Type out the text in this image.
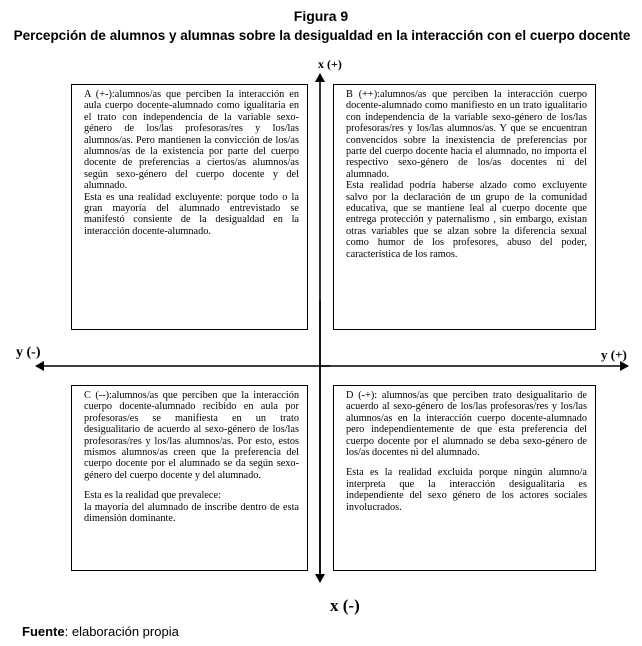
Figura 9
Percepción de alumnos y alumnas sobre la desigualdad en la interacción con el cuerpo docente
x (+)
y (-)	y (+)
x (-)

A (+-):alumnos/as que perciben la interacción en aula cuerpo docente-alumnado como igualitaria en el trato con independencia de la variable sexo-género de los/las profesoras/res y los/las alumnos/as. Pero mantienen la convicción de los/as alumnos/as de la existencia por parte del cuerpo docente de preferencias a ciertos/as alumnos/as según sexo-género del cuerpo docente y del alumnado.

Esta es una realidad excluyente: porque todo o la gran mayoría del alumnado entrevistado se manifestó consiente de la desigualdad en la interacción docente-alumnado.

B (++):alumnos/as que perciben la interacción cuerpo docente-alumnado como manifiesto en un trato igualitario con independencia de la variable sexo-género de los/las profesoras/res y los/las alumnos/as. Y que se encuentran convencidos sobre la inexistencia de preferencias por parte del cuerpo docente hacia el alumnado, no importa el respectivo sexo-género de los/as docentes ni del alumnado.

Esta realidad podría haberse alzado como excluyente salvo por la declaración de un grupo de la comunidad educativa, que se mantiene leal al cuerpo docente que entrega protección y paternalismo , sin embargo, existan otras variables que se alzan sobre la diferencia sexual como humor de los profesores, abuso del poder, característica de los ramos.

C (--):alumnos/as que perciben que la interacción cuerpo docente-alumnado recibido en aula por profesoras/es se manifiesta en un trato desigualitario de acuerdo al sexo-género de los/las profesoras/res y los/las alumnos/as. Por esto, estos mismos alumnos/as creen que la preferencia del cuerpo docente por el alumnado se da según sexo-género del cuerpo docente y del alumnado.

Esta es la realidad que prevalece:

la mayoría del alumnado de inscribe dentro de esta dimensión dominante.

D (-+): alumnos/as que perciben trato desigualitario de acuerdo al sexo-género de los/las profesoras/res y los/las alumnos/as en la interacción cuerpo docente-alumnado pero independientemente de que esta preferencia del cuerpo docente por el alumnado se deba sexo-género de los/as docentes ni del alumnado.

Esta es la realidad excluida porque ningún alumno/a interpreta que la interacción desigualitaria es independiente del sexo género de los actores sociales involucrados.

Fuente: elaboración propia
